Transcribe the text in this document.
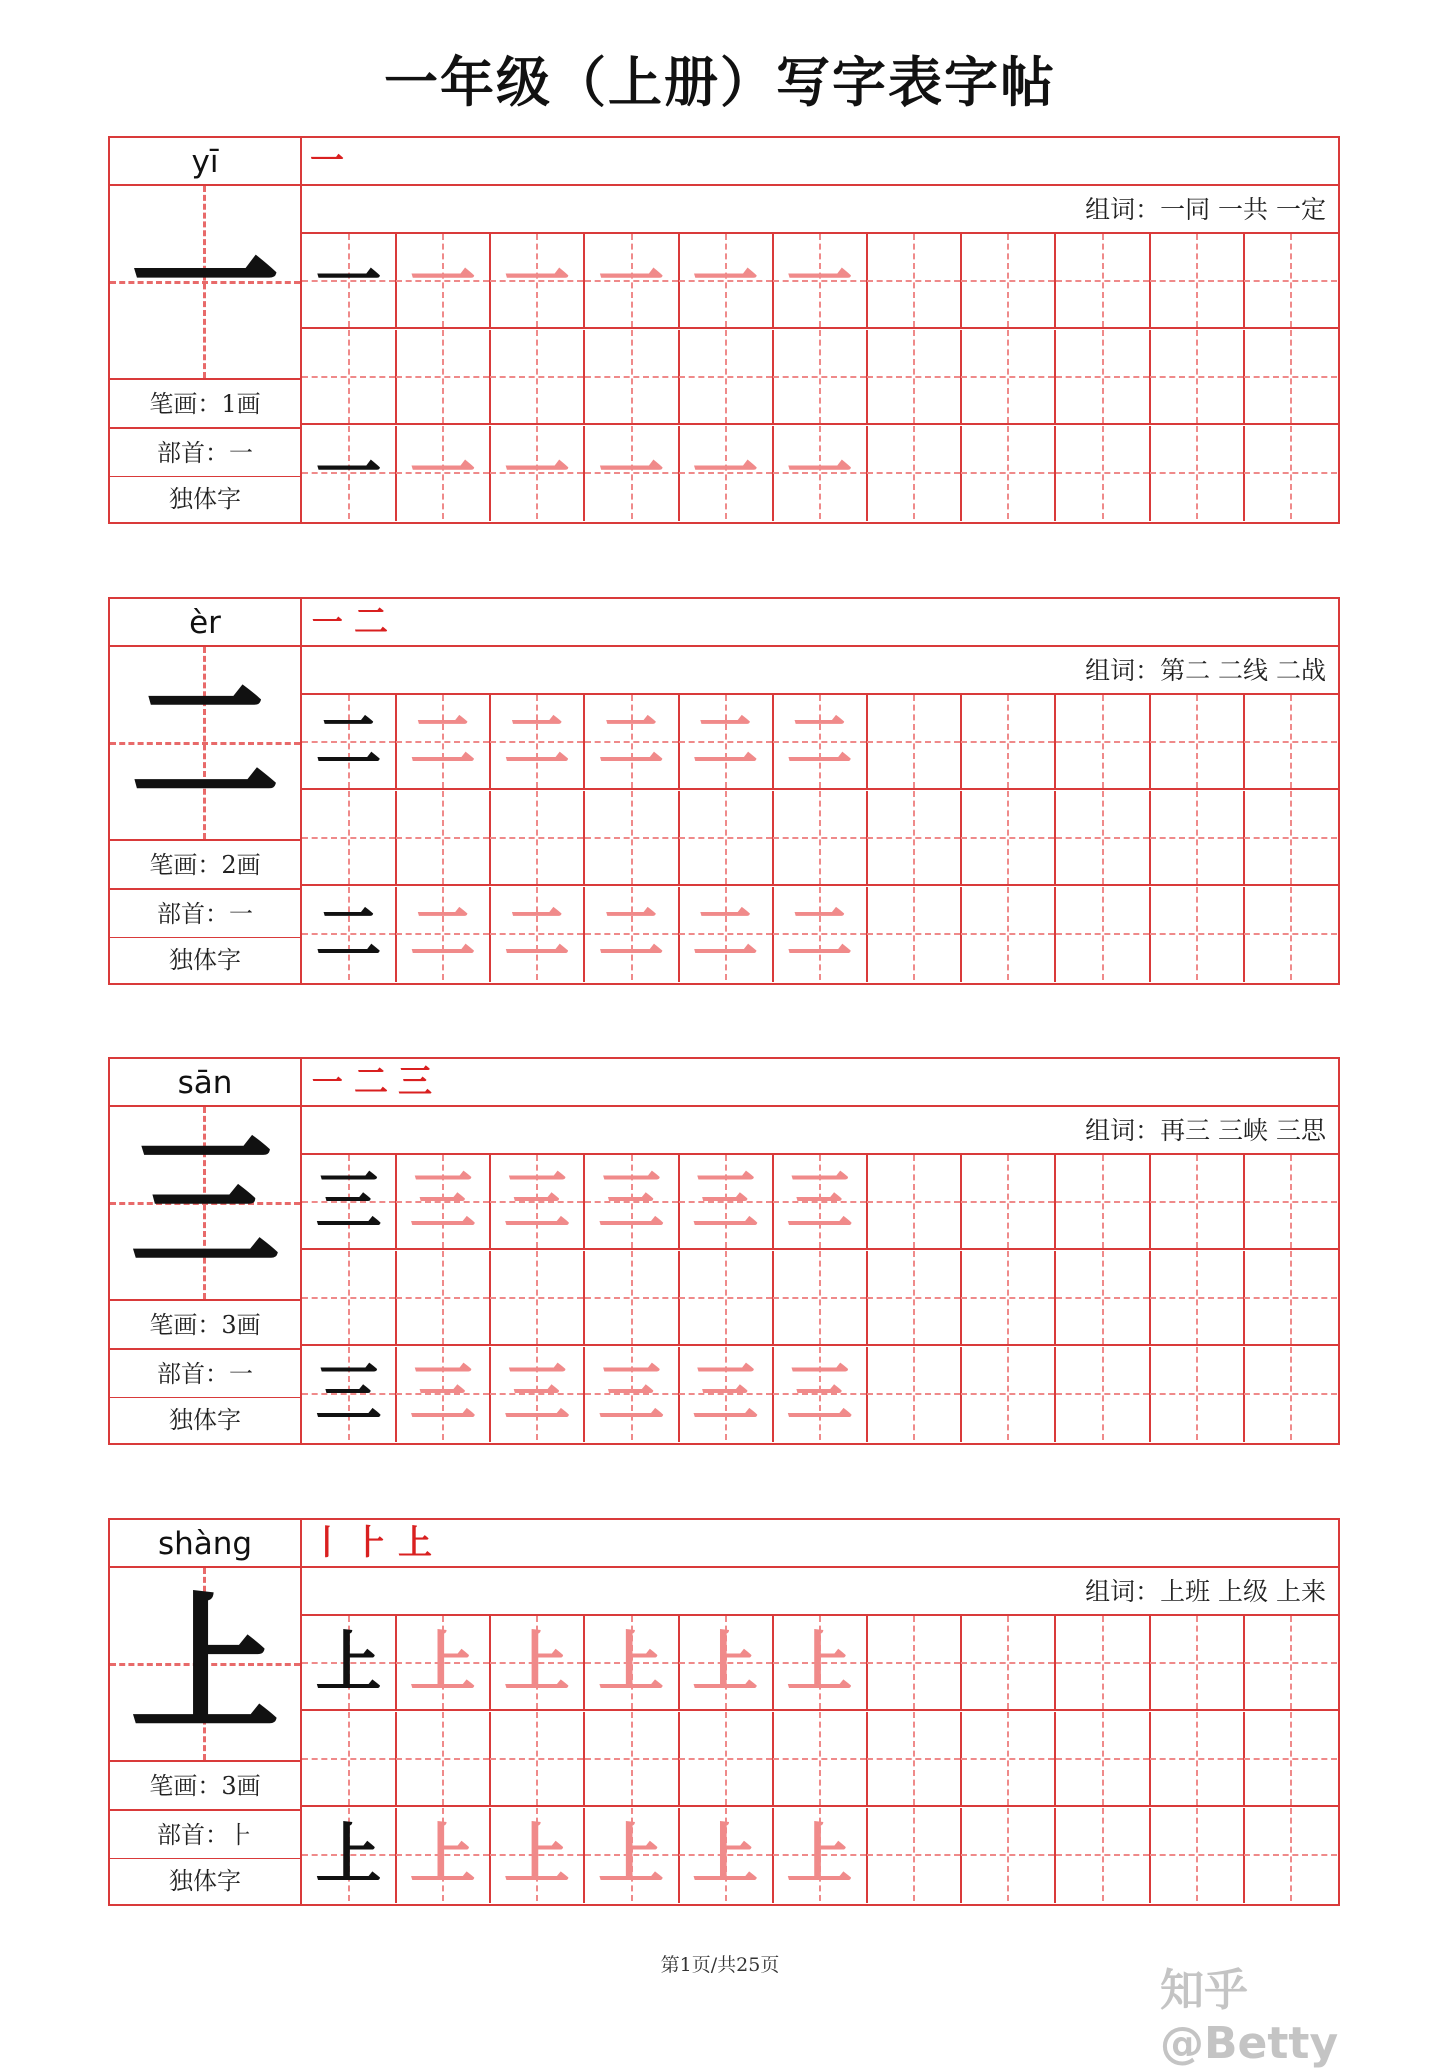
一年级（上册）写字表字帖
yī
一
笔画：1画
部首：一
独体字
一
组词：一同 一共 一定
一 一 一 一 一 一
一 一 一 一 一 一
èr
二
笔画：2画
部首：一
独体字
㇐ 二
组词：第二 二线 二战
二 二 二 二 二 二
二 二 二 二 二 二
sān
三
笔画：3画
部首：一
独体字
㇐ 二 三
组词：再三 三峡 三思
三 三 三 三 三 三
三 三 三 三 三 三
shàng
上
笔画：3画
部首：⺊
独体字
丨 ⺊ 上
组词：上班 上级 上来
上 上 上 上 上 上
上 上 上 上 上 上
第1页/共25页	知乎 @Betty
